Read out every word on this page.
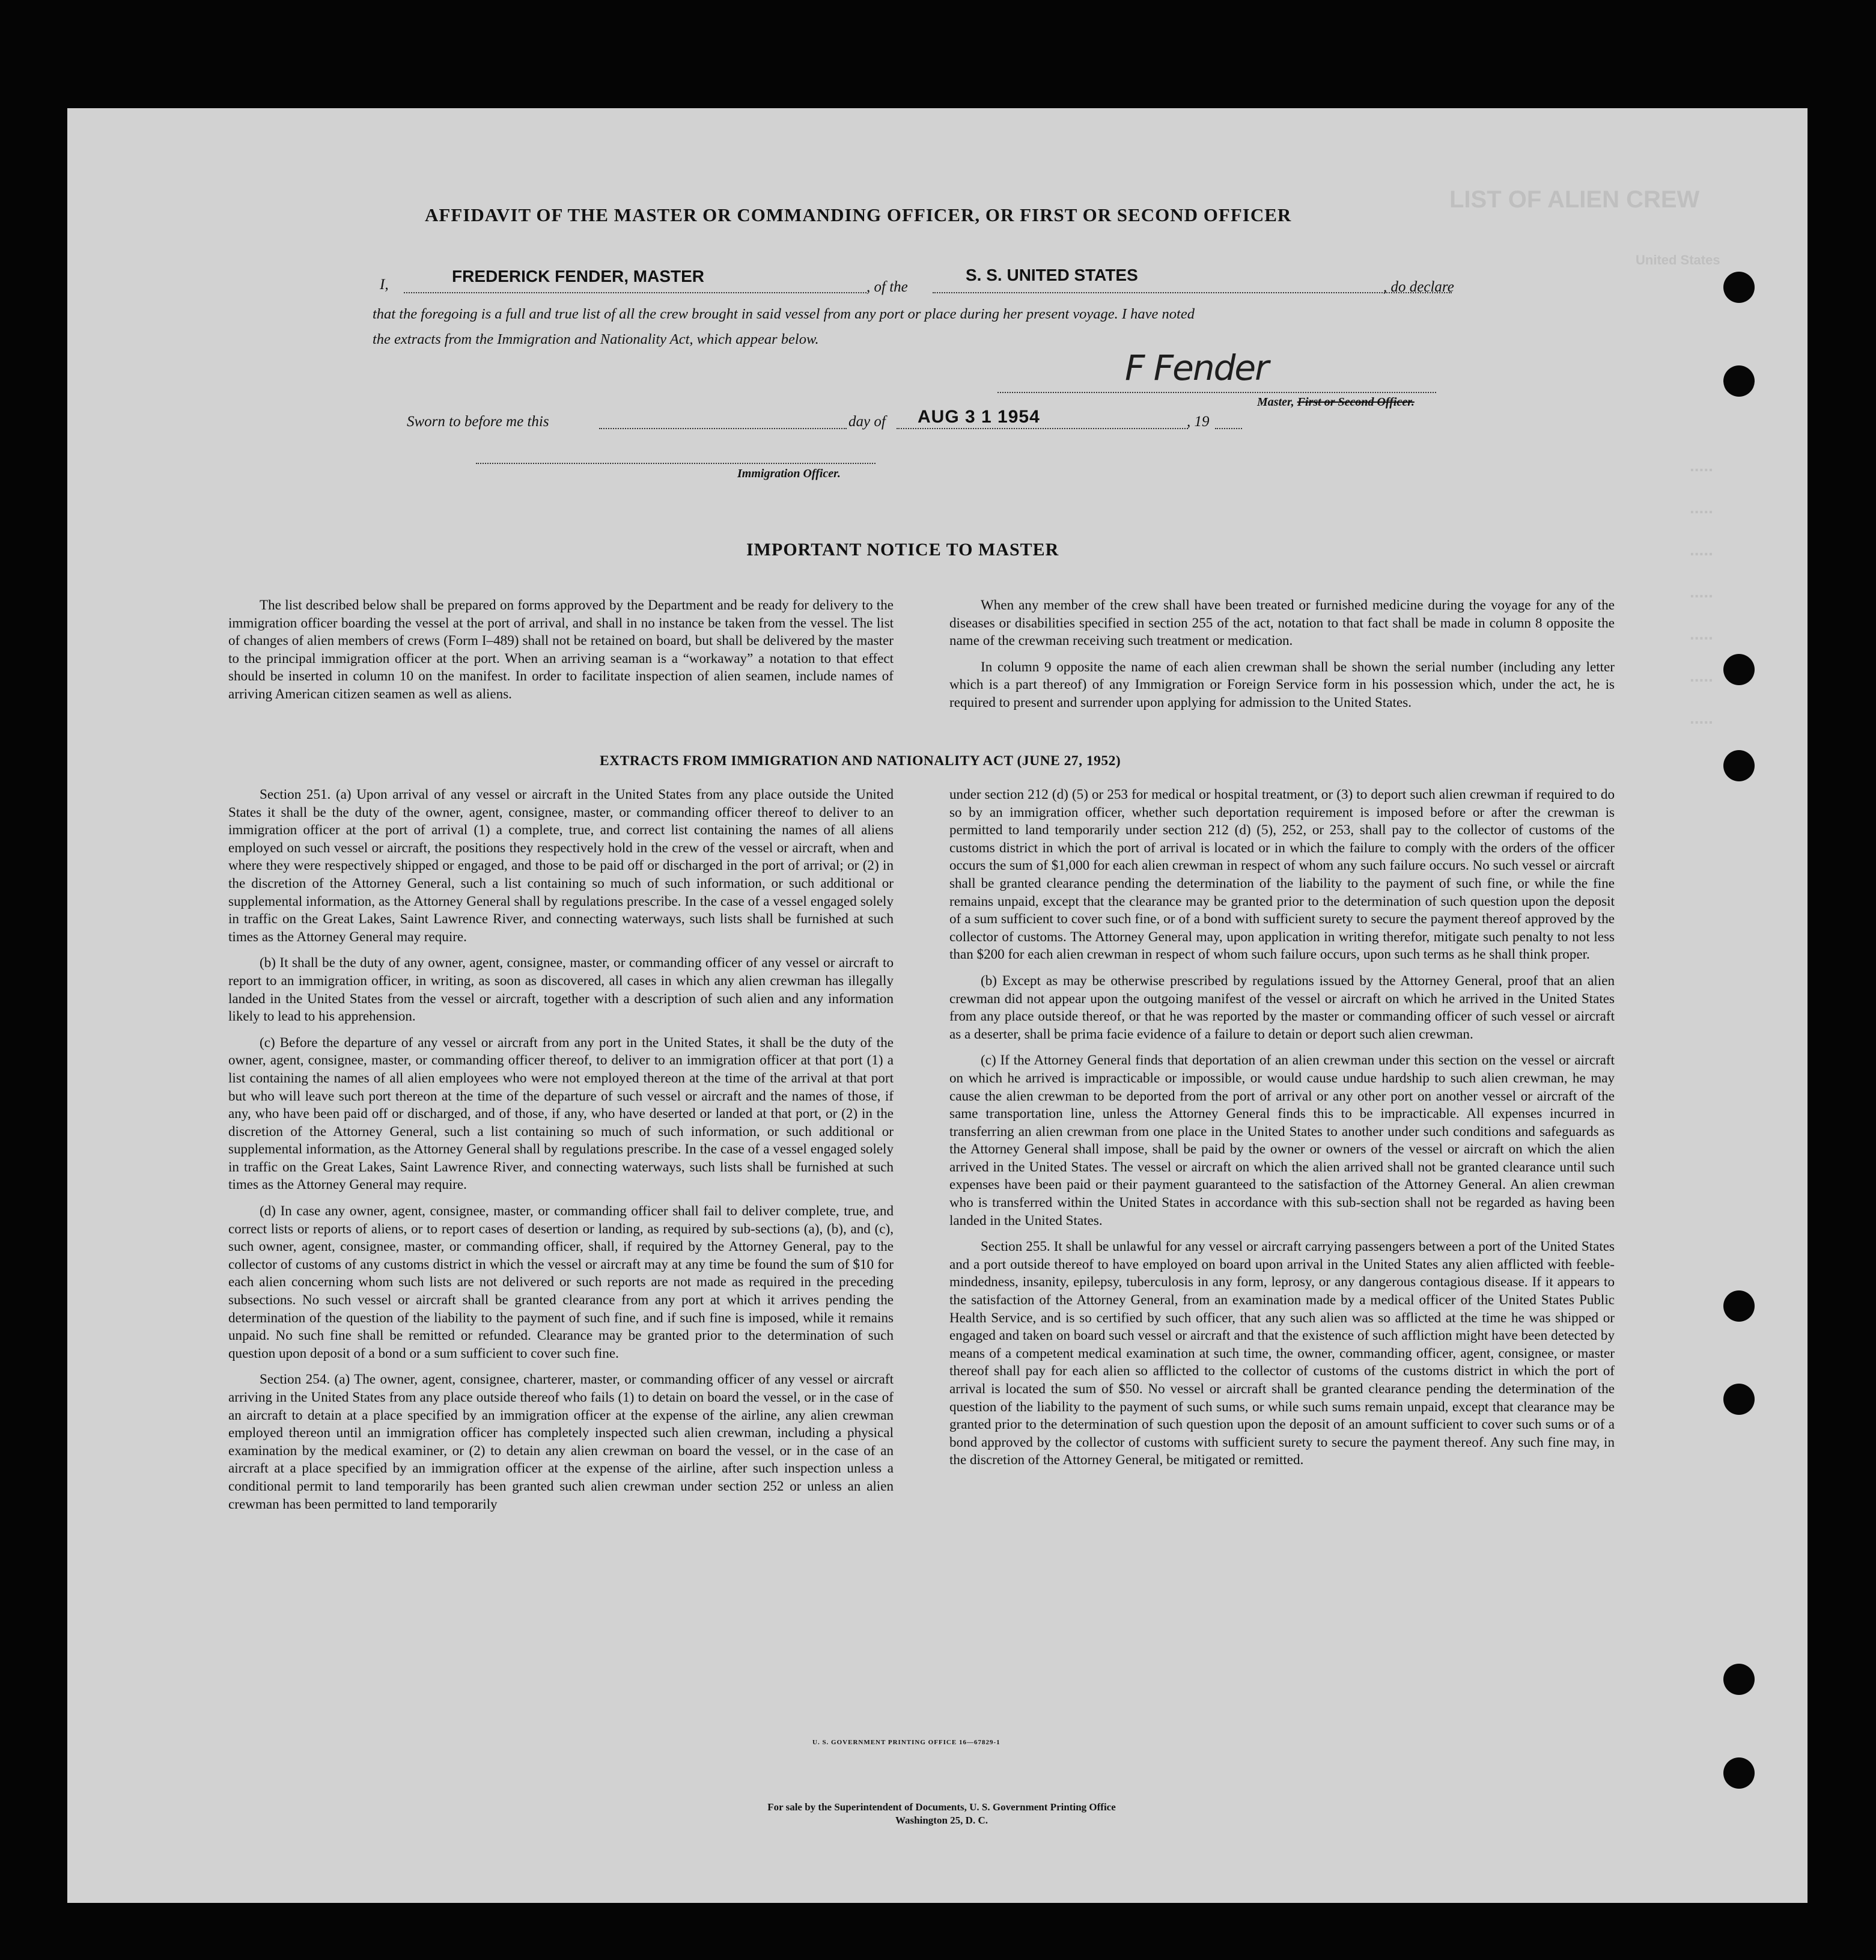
LIST OF ALIEN CREW
United States
.....
.....
.....
.....
.....
.....
.....
AFFIDAVIT OF THE MASTER OR COMMANDING OFFICER, OR FIRST OR SECOND OFFICER
I,	FREDERICK FENDER, MASTER
, of the
S. S. UNITED STATES
, do declare
that the foregoing is a full and true list of all the crew brought in said vessel from any port or place during her present voyage. I have noted
the extracts from the Immigration and Nationality Act, which appear below.
F Fender
Master, First or Second Officer.
Sworn to before me this	day of AUG 3 1 1954	, 19
Immigration Officer.
IMPORTANT NOTICE TO MASTER

The list described below shall be prepared on forms approved by the Department and be ready for delivery to the immigration officer boarding the vessel at the port of arrival, and shall in no instance be taken from the vessel. The list of changes of alien members of crews (Form I–489) shall not be retained on board, but shall be delivered by the master to the principal immigration officer at the port. When an arriving seaman is a “workaway” a notation to that effect should be inserted in column 10 on the manifest. In order to facilitate inspection of alien seamen, include names of arriving American citizen seamen as well as aliens.

When any member of the crew shall have been treated or furnished medicine during the voyage for any of the diseases or disabilities specified in section 255 of the act, notation to that fact shall be made in column 8 opposite the name of the crewman receiving such treatment or medication.

In column 9 opposite the name of each alien crewman shall be shown the serial number (including any letter which is a part thereof) of any Immigration or Foreign Service form in his possession which, under the act, he is required to present and surrender upon applying for admission to the United States.

EXTRACTS FROM IMMIGRATION AND NATIONALITY ACT (JUNE 27, 1952)

Section 251. (a) Upon arrival of any vessel or aircraft in the United States from any place outside the United States it shall be the duty of the owner, agent, consignee, master, or commanding officer thereof to deliver to an immigration officer at the port of arrival (1) a complete, true, and correct list containing the names of all aliens employed on such vessel or aircraft, the positions they respectively hold in the crew of the vessel or aircraft, when and where they were respectively shipped or engaged, and those to be paid off or discharged in the port of arrival; or (2) in the discretion of the Attorney General, such a list containing so much of such information, or such additional or supplemental information, as the Attorney General shall by regulations prescribe. In the case of a vessel engaged solely in traffic on the Great Lakes, Saint Lawrence River, and connecting waterways, such lists shall be furnished at such times as the Attorney General may require.

(b) It shall be the duty of any owner, agent, consignee, master, or commanding officer of any vessel or aircraft to report to an immigration officer, in writing, as soon as discovered, all cases in which any alien crewman has illegally landed in the United States from the vessel or aircraft, together with a description of such alien and any information likely to lead to his apprehension.

(c) Before the departure of any vessel or aircraft from any port in the United States, it shall be the duty of the owner, agent, consignee, master, or commanding officer thereof, to deliver to an immigration officer at that port (1) a list containing the names of all alien employees who were not employed thereon at the time of the arrival at that port but who will leave such port thereon at the time of the departure of such vessel or aircraft and the names of those, if any, who have been paid off or discharged, and of those, if any, who have deserted or landed at that port, or (2) in the discretion of the Attorney General, such a list containing so much of such information, or such additional or supplemental information, as the Attorney General shall by regulations prescribe. In the case of a vessel engaged solely in traffic on the Great Lakes, Saint Lawrence River, and connecting waterways, such lists shall be furnished at such times as the Attorney General may require.

(d) In case any owner, agent, consignee, master, or commanding officer shall fail to deliver complete, true, and correct lists or reports of aliens, or to report cases of desertion or landing, as required by sub-sections (a), (b), and (c), such owner, agent, consignee, master, or commanding officer, shall, if required by the Attorney General, pay to the collector of customs of any customs district in which the vessel or aircraft may at any time be found the sum of $10 for each alien concerning whom such lists are not delivered or such reports are not made as required in the preceding subsections. No such vessel or aircraft shall be granted clearance from any port at which it arrives pending the determination of the question of the liability to the payment of such fine, and if such fine is imposed, while it remains unpaid. No such fine shall be remitted or refunded. Clearance may be granted prior to the determination of such question upon deposit of a bond or a sum sufficient to cover such fine.

Section 254. (a) The owner, agent, consignee, charterer, master, or commanding officer of any vessel or aircraft arriving in the United States from any place outside thereof who fails (1) to detain on board the vessel, or in the case of an aircraft to detain at a place specified by an immigration officer at the expense of the airline, any alien crewman employed thereon until an immigration officer has completely inspected such alien crewman, including a physical examination by the medical examiner, or (2) to detain any alien crewman on board the vessel, or in the case of an aircraft at a place specified by an immigration officer at the expense of the airline, after such inspection unless a conditional permit to land temporarily has been granted such alien crewman under section 252 or unless an alien crewman has been permitted to land temporarily

under section 212 (d) (5) or 253 for medical or hospital treatment, or (3) to deport such alien crewman if required to do so by an immigration officer, whether such deportation requirement is imposed before or after the crewman is permitted to land temporarily under section 212 (d) (5), 252, or 253, shall pay to the collector of customs of the customs district in which the port of arrival is located or in which the failure to comply with the orders of the officer occurs the sum of $1,000 for each alien crewman in respect of whom any such failure occurs. No such vessel or aircraft shall be granted clearance pending the determination of the liability to the payment of such fine, or while the fine remains unpaid, except that the clearance may be granted prior to the determination of such question upon the deposit of a sum sufficient to cover such fine, or of a bond with sufficient surety to secure the payment thereof approved by the collector of customs. The Attorney General may, upon application in writing therefor, mitigate such penalty to not less than $200 for each alien crewman in respect of whom such failure occurs, upon such terms as he shall think proper.

(b) Except as may be otherwise prescribed by regulations issued by the Attorney General, proof that an alien crewman did not appear upon the outgoing manifest of the vessel or aircraft on which he arrived in the United States from any place outside thereof, or that he was reported by the master or commanding officer of such vessel or aircraft as a deserter, shall be prima facie evidence of a failure to detain or deport such alien crewman.

(c) If the Attorney General finds that deportation of an alien crewman under this section on the vessel or aircraft on which he arrived is impracticable or impossible, or would cause undue hardship to such alien crewman, he may cause the alien crewman to be deported from the port of arrival or any other port on another vessel or aircraft of the same transportation line, unless the Attorney General finds this to be impracticable. All expenses incurred in transferring an alien crewman from one place in the United States to another under such conditions and safeguards as the Attorney General shall impose, shall be paid by the owner or owners of the vessel or aircraft on which the alien arrived in the United States. The vessel or aircraft on which the alien arrived shall not be granted clearance until such expenses have been paid or their payment guaranteed to the satisfaction of the Attorney General. An alien crewman who is transferred within the United States in accordance with this sub-section shall not be regarded as having been landed in the United States.

Section 255. It shall be unlawful for any vessel or aircraft carrying passengers between a port of the United States and a port outside thereof to have employed on board upon arrival in the United States any alien afflicted with feeble-mindedness, insanity, epilepsy, tuberculosis in any form, leprosy, or any dangerous contagious disease. If it appears to the satisfaction of the Attorney General, from an examination made by a medical officer of the United States Public Health Service, and is so certified by such officer, that any such alien was so afflicted at the time he was shipped or engaged and taken on board such vessel or aircraft and that the existence of such affliction might have been detected by means of a competent medical examination at such time, the owner, commanding officer, agent, consignee, or master thereof shall pay for each alien so afflicted to the collector of customs of the customs district in which the port of arrival is located the sum of $50. No vessel or aircraft shall be granted clearance pending the determination of the question of the liability to the payment of such sums, or while such sums remain unpaid, except that clearance may be granted prior to the determination of such question upon the deposit of an amount sufficient to cover such sums or of a bond approved by the collector of customs with sufficient surety to secure the payment thereof. Any such fine may, in the discretion of the Attorney General, be mitigated or remitted.

U. S. GOVERNMENT PRINTING OFFICE 16—67829-1
For sale by the Superintendent of Documents, U. S. Government Printing Office
Washington 25, D. C.
